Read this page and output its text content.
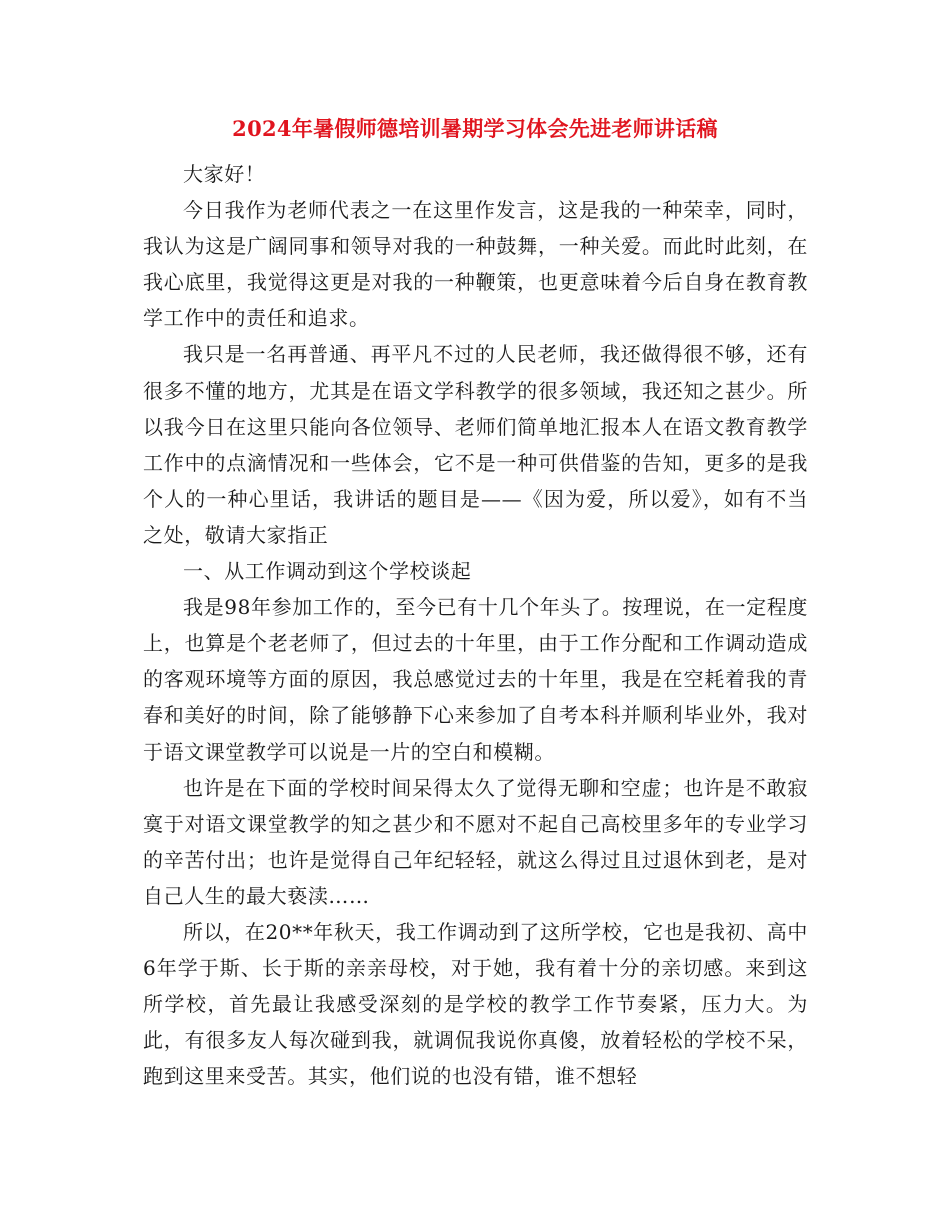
2024年暑假师德培训暑期学习体会先进老师讲话稿

大家好！

今日我作为老师代表之一在这里作发言，这是我的一种荣幸，同时，我认为这是广阔同事和领导对我的一种鼓舞，一种关爱。而此时此刻，在我心底里，我觉得这更是对我的一种鞭策，也更意味着今后自身在教育教学工作中的责任和追求。

我只是一名再普通、再平凡不过的人民老师，我还做得很不够，还有很多不懂的地方，尤其是在语文学科教学的很多领域，我还知之甚少。所以我今日在这里只能向各位领导、老师们简单地汇报本人在语文教育教学工作中的点滴情况和一些体会，它不是一种可供借鉴的告知，更多的是我个人的一种心里话，我讲话的题目是——《因为爱，所以爱》，如有不当之处，敬请大家指正

一、从工作调动到这个学校谈起

我是98年参加工作的，至今已有十几个年头了。按理说，在一定程度上，也算是个老老师了，但过去的十年里，由于工作分配和工作调动造成的客观环境等方面的原因，我总感觉过去的十年里，我是在空耗着我的青春和美好的时间，除了能够静下心来参加了自考本科并顺利毕业外，我对于语文课堂教学可以说是一片的空白和模糊。

也许是在下面的学校时间呆得太久了觉得无聊和空虚；也许是不敢寂寞于对语文课堂教学的知之甚少和不愿对不起自己高校里多年的专业学习的辛苦付出；也许是觉得自己年纪轻轻，就这么得过且过退休到老，是对自己人生的最大亵渎……

所以，在20**年秋天，我工作调动到了这所学校，它也是我初、高中6年学于斯、长于斯的亲亲母校，对于她，我有着十分的亲切感。来到这所学校，首先最让我感受深刻的是学校的教学工作节奏紧，压力大。为此，有很多友人每次碰到我，就调侃我说你真傻，放着轻松的学校不呆，跑到这里来受苦。其实，他们说的也没有错，谁不想轻
